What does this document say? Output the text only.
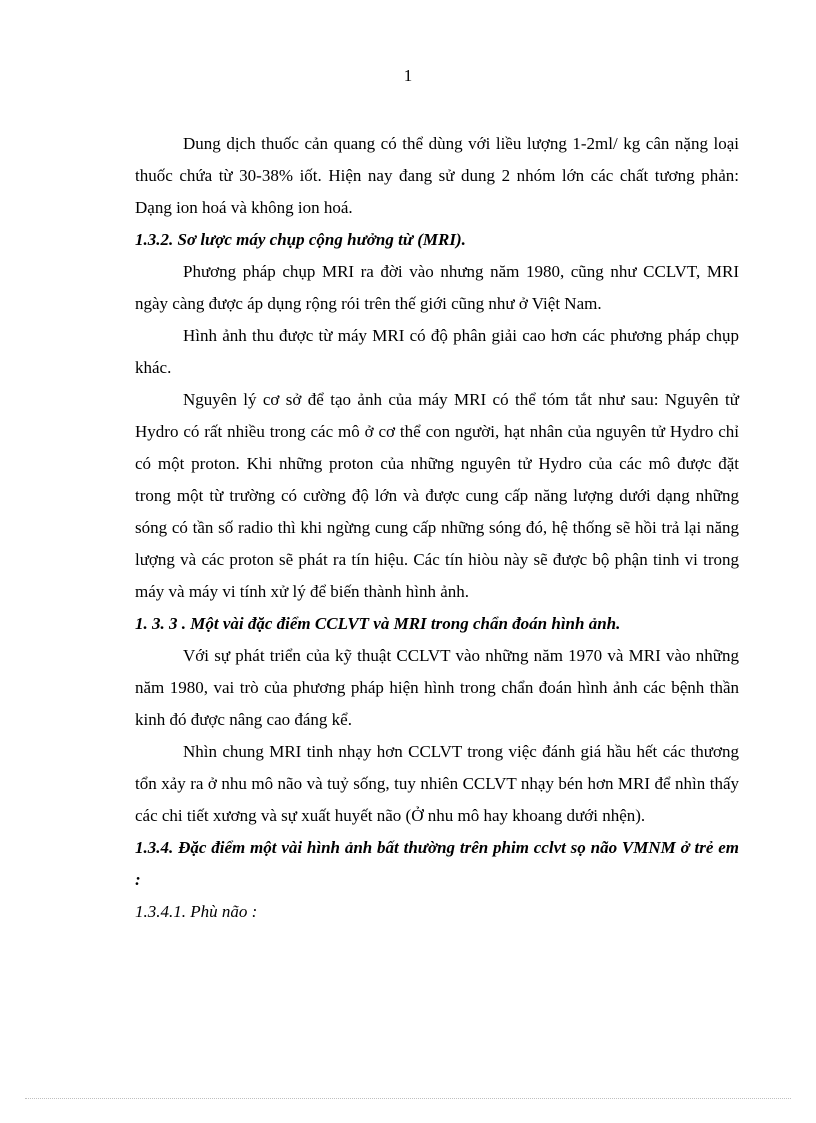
1

Dung dịch thuốc cản quang có thể dùng với liều lượng 1-2ml/ kg cân nặng loại thuốc chứa từ 30-38% iốt. Hiện nay đang sử dung 2 nhóm lớn các chất tương phản: Dạng ion hoá và không ion hoá.

1.3.2. Sơ lược máy chụp cộng hưởng từ (MRI).

Phương pháp chụp MRI ra đời vào nhưng năm 1980, cũng như CCLVT, MRI ngày càng được áp dụng rộng rói trên thế giới cũng như ở Việt Nam.

Hình ảnh thu được từ máy MRI có độ phân giải cao hơn các phương pháp chụp khác.

Nguyên lý cơ sở để tạo ảnh của máy MRI có thể tóm tắt như sau: Nguyên tử Hydro có rất nhiều trong các mô ở cơ thể con người, hạt nhân của nguyên tử Hydro chỉ có một proton. Khi những proton của những nguyên tử Hydro của các mô được đặt trong một từ trường có cường độ lớn và được cung cấp năng lượng dưới dạng những sóng có tần số radio thì khi ngừng cung cấp những sóng đó, hệ thống sẽ hồi trả lại năng lượng và các proton sẽ phát ra tín hiệu. Các tín hiòu này sẽ được bộ phận tinh vi trong máy và máy vi tính xử lý để biến thành hình ảnh.

1. 3. 3 . Một vài đặc điểm CCLVT và MRI trong chẩn đoán hình ảnh.

Với sự phát triển của kỹ thuật CCLVT vào những năm 1970 và MRI vào những năm 1980, vai trò của phương pháp hiện hình trong chẩn đoán hình ảnh các bệnh thần kinh đó được nâng cao đáng kể.

Nhìn chung MRI tinh nhạy hơn CCLVT trong việc đánh giá hầu hết các thương tổn xảy ra ở nhu mô não và tuỷ sống, tuy nhiên CCLVT nhạy bén hơn MRI để nhìn thấy các chi tiết xương và sự xuất huyết não (Ở nhu mô hay khoang dưới nhện).

1.3.4. Đặc điểm một vài hình ảnh bất thường trên phim cclvt sọ não VMNM ở trẻ em :

1.3.4.1. Phù não :
